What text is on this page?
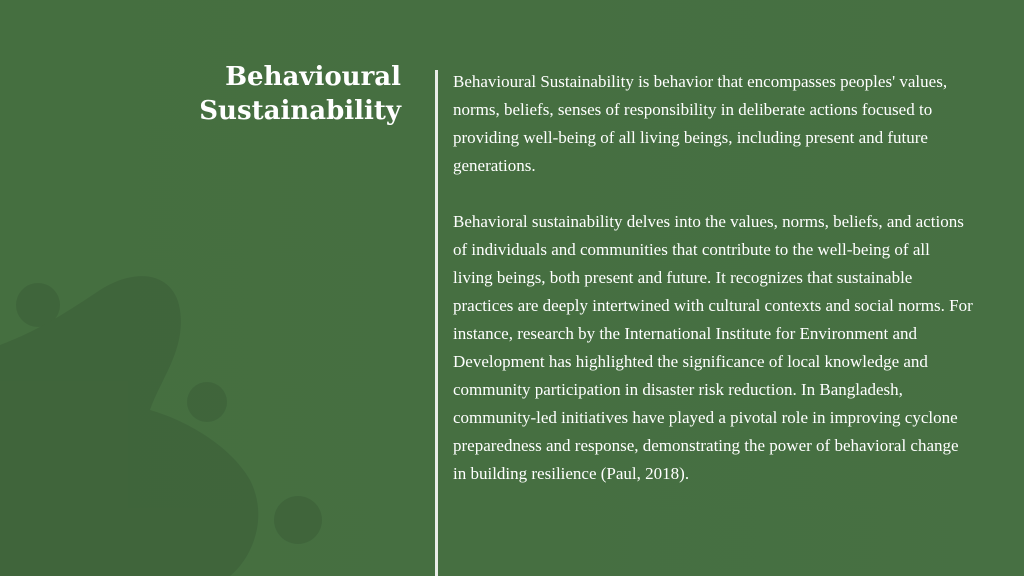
Behavioural Sustainability

Behavioural Sustainability is behavior that encompasses peoples' values, norms, beliefs, senses of responsibility in deliberate actions focused to providing well-being of all living beings, including present and future generations.

Behavioral sustainability delves into the values, norms, beliefs, and actions of individuals and communities that contribute to the well-being of all living beings, both present and future. It recognizes that sustainable practices are deeply intertwined with cultural contexts and social norms. For instance, research by the International Institute for Environment and Development has highlighted the significance of local knowledge and community participation in disaster risk reduction. In Bangladesh, community-led initiatives have played a pivotal role in improving cyclone preparedness and response, demonstrating the power of behavioral change in building resilience (Paul, 2018).
